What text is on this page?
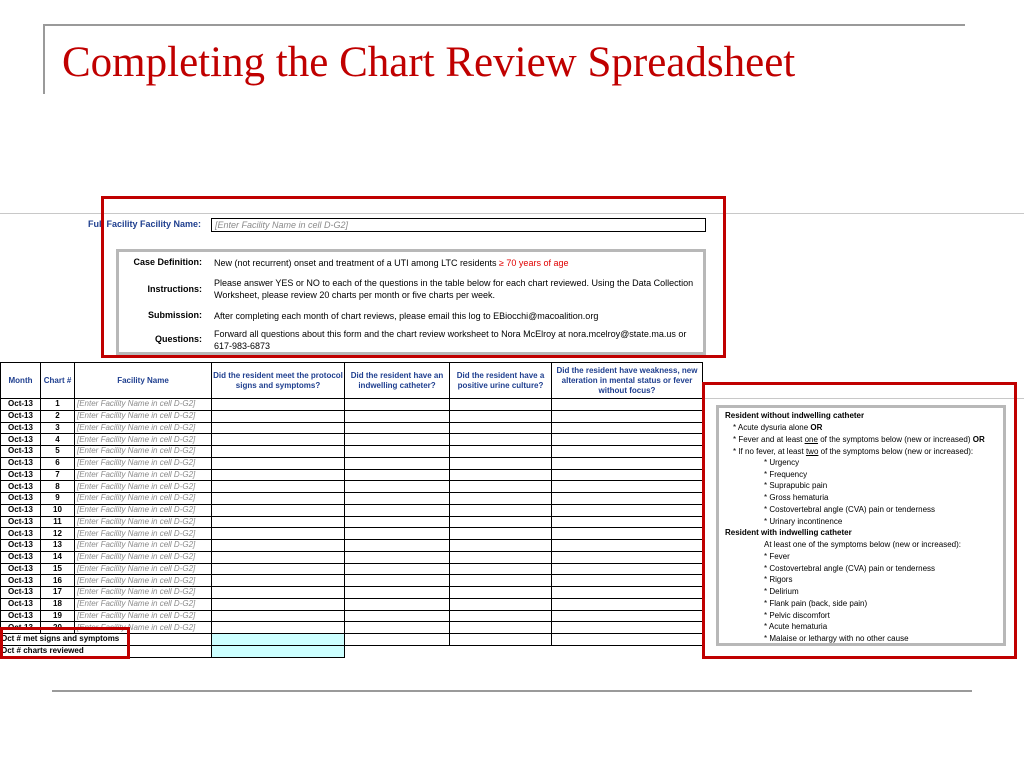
Completing the Chart Review Spreadsheet
Full Facility Facility Name:	[Enter Facility Name in cell D-G2]
Case Definition: New (not recurrent) onset and treatment of a UTI among LTC residents ≥ 70 years of age
Instructions:
Please answer YES or NO to each of the questions in the table below for each chart reviewed. Using the Data Collection Worksheet, please review 20 charts per month or five charts per week.
Submission: After completing each month of chart reviews, please email this log to EBiocchi@macoalition.org
Questions: Forward all questions about this form and the chart review worksheet to Nora McElroy at nora.mcelroy@state.ma.us or 617-983-6873
Month	Chart #	Facility Name	Did the resident meet the protocol signs and symptoms?	Did the resident have an indwelling catheter?	Did the resident have a positive urine culture?	Did the resident have weakness, new alteration in mental status or fever without focus?
Oct-13	1	[Enter Facility Name in cell D-G2]				
Oct-13	2	[Enter Facility Name in cell D-G2]				
Oct-13	3	[Enter Facility Name in cell D-G2]				
Oct-13	4	[Enter Facility Name in cell D-G2]				
Oct-13	5	[Enter Facility Name in cell D-G2]				
Oct-13	6	[Enter Facility Name in cell D-G2]				
Oct-13	7	[Enter Facility Name in cell D-G2]				
Oct-13	8	[Enter Facility Name in cell D-G2]				
Oct-13	9	[Enter Facility Name in cell D-G2]				
Oct-13	10	[Enter Facility Name in cell D-G2]				
Oct-13	11	[Enter Facility Name in cell D-G2]				
Oct-13	12	[Enter Facility Name in cell D-G2]				
Oct-13	13	[Enter Facility Name in cell D-G2]				
Oct-13	14	[Enter Facility Name in cell D-G2]				
Oct-13	15	[Enter Facility Name in cell D-G2]				
Oct-13	16	[Enter Facility Name in cell D-G2]				
Oct-13	17	[Enter Facility Name in cell D-G2]				
Oct-13	18	[Enter Facility Name in cell D-G2]				
Oct-13	19	[Enter Facility Name in cell D-G2]				
Oct-13	20	[Enter Facility Name in cell D-G2]				
Oct # met signs and symptoms						
Oct # charts reviewed						
Resident without indwelling catheter
* Acute dysuria alone OR
* Fever and at least one of the symptoms below (new or increased) OR
* If no fever, at least two of the symptoms below (new or increased):
* Urgency
* Frequency
* Suprapubic pain
* Gross hematuria
* Costovertebral angle (CVA) pain or tenderness
* Urinary incontinence
Resident with indwelling catheter
At least one of the symptoms below (new or increased):
* Fever
* Costovertebral angle (CVA) pain or tenderness
* Rigors
* Delirium
* Flank pain (back, side pain)
* Pelvic discomfort
* Acute hematuria
* Malaise or lethargy with no other cause
